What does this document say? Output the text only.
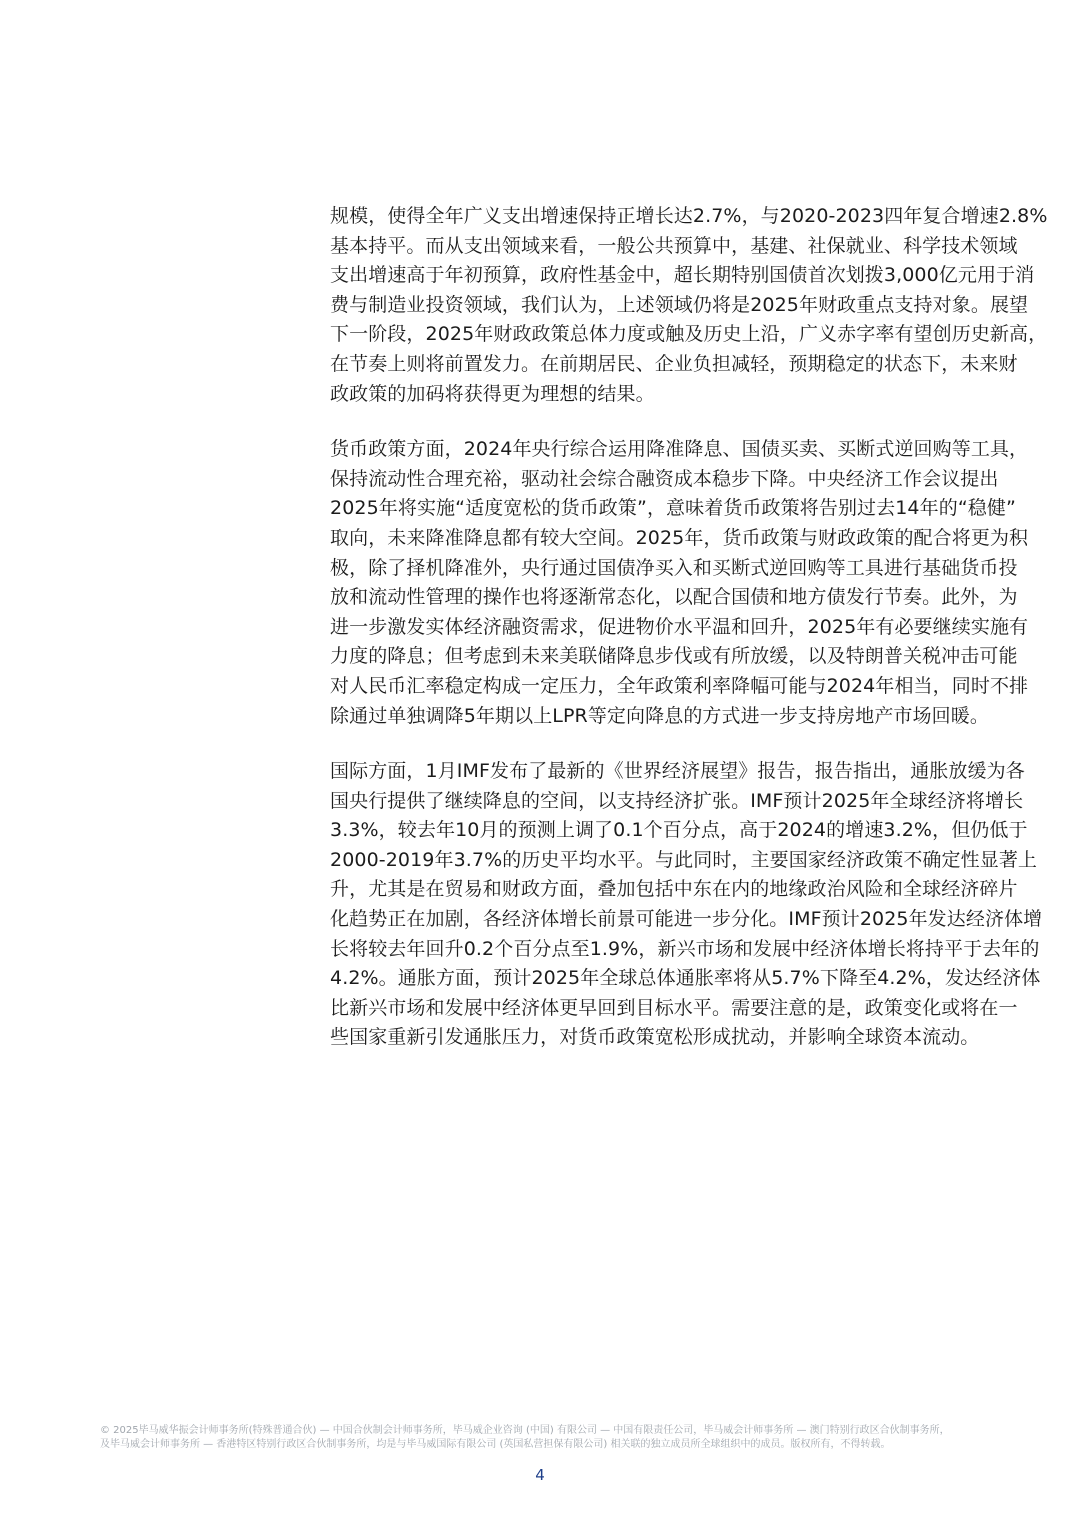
规模，使得全年广义支出增速保持正增长达2.7%，与2020-2023四年复合增速2.8%
基本持平。而从支出领域来看，一般公共预算中，基建、社保就业、科学技术领域
支出增速高于年初预算，政府性基金中，超长期特别国债首次划拨3,000亿元用于消
费与制造业投资领域，我们认为，上述领域仍将是2025年财政重点支持对象。展望
下一阶段，2025年财政政策总体力度或触及历史上沿，广义赤字率有望创历史新高，
在节奏上则将前置发力。在前期居民、企业负担减轻，预期稳定的状态下，未来财
政政策的加码将获得更为理想的结果。

货币政策方面，2024年央行综合运用降准降息、国债买卖、买断式逆回购等工具，
保持流动性合理充裕，驱动社会综合融资成本稳步下降。中央经济工作会议提出
2025年将实施“适度宽松的货币政策”，意味着货币政策将告别过去14年的“稳健”
取向，未来降准降息都有较大空间。2025年，货币政策与财政政策的配合将更为积
极，除了择机降准外，央行通过国债净买入和买断式逆回购等工具进行基础货币投
放和流动性管理的操作也将逐渐常态化，以配合国债和地方债发行节奏。此外，为
进一步激发实体经济融资需求，促进物价水平温和回升，2025年有必要继续实施有
力度的降息；但考虑到未来美联储降息步伐或有所放缓，以及特朗普关税冲击可能
对人民币汇率稳定构成一定压力，全年政策利率降幅可能与2024年相当，同时不排
除通过单独调降5年期以上LPR等定向降息的方式进一步支持房地产市场回暖。

国际方面，1月IMF发布了最新的《世界经济展望》报告，报告指出，通胀放缓为各
国央行提供了继续降息的空间，以支持经济扩张。IMF预计2025年全球经济将增长
3.3%，较去年10月的预测上调了0.1个百分点，高于2024的增速3.2%，但仍低于
2000-2019年3.7%的历史平均水平。与此同时，主要国家经济政策不确定性显著上
升，尤其是在贸易和财政方面，叠加包括中东在内的地缘政治风险和全球经济碎片
化趋势正在加剧，各经济体增长前景可能进一步分化。IMF预计2025年发达经济体增
长将较去年回升0.2个百分点至1.9%，新兴市场和发展中经济体增长将持平于去年的
4.2%。通胀方面，预计2025年全球总体通胀率将从5.7%下降至4.2%，发达经济体
比新兴市场和发展中经济体更早回到目标水平。需要注意的是，政策变化或将在一
些国家重新引发通胀压力，对货币政策宽松形成扰动，并影响全球资本流动。

© 2025毕马威华振会计师事务所(特殊普通合伙) — 中国合伙制会计师事务所，毕马威企业咨询 (中国) 有限公司 — 中国有限责任公司，毕马威会计师事务所 — 澳门特别行政区合伙制事务所，
及毕马威会计师事务所 — 香港特区特别行政区合伙制事务所，均是与毕马威国际有限公司 (英国私营担保有限公司) 相关联的独立成员所全球组织中的成员。版权所有，不得转载。

4
